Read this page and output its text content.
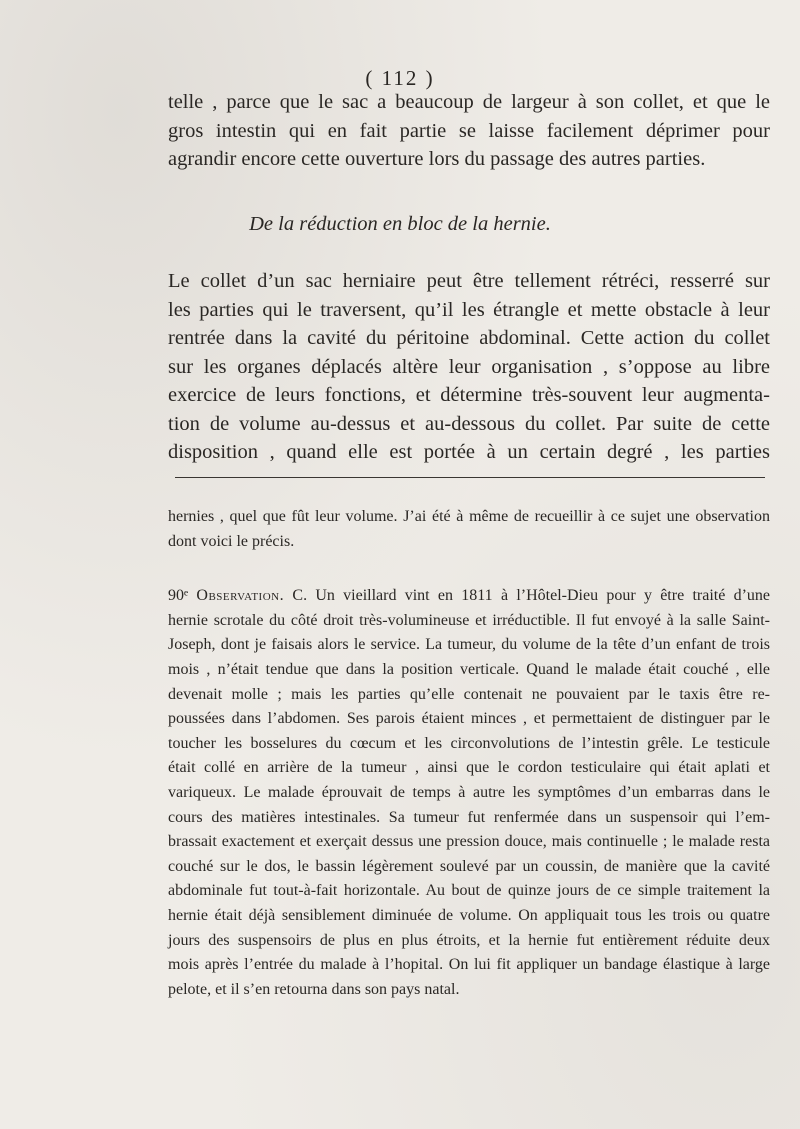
( 112 )

telle , parce que le sac a beaucoup de largeur à son collet, et que le

gros intestin qui en fait partie se laisse facilement déprimer pour

agrandir encore cette ouverture lors du passage des autres parties.

De la réduction en bloc de la hernie.

Le collet d’un sac herniaire peut être tellement rétréci, resserré sur

les parties qui le traversent, qu’il les étrangle et mette obstacle à leur

rentrée dans la cavité du péritoine abdominal. Cette action du collet

sur les organes déplacés altère leur organisation , s’oppose au libre

exercice de leurs fonctions, et détermine très-souvent leur augmenta-

tion de volume au-dessus et au-dessous du collet. Par suite de cette

disposition , quand elle est portée à un certain degré , les parties

hernies , quel que fût leur volume. J’ai été à même de recueillir à ce sujet une observation

dont voici le précis.

90ᵉ Observation. C. Un vieillard vint en 1811 à l’Hôtel-Dieu pour y être traité d’une

hernie scrotale du côté droit très-volumineuse et irréductible. Il fut envoyé à la salle Saint-

Joseph, dont je faisais alors le service. La tumeur, du volume de la tête d’un enfant de trois

mois , n’était tendue que dans la position verticale. Quand le malade était couché , elle

devenait molle ; mais les parties qu’elle contenait ne pouvaient par le taxis être re-

poussées dans l’abdomen. Ses parois étaient minces , et permettaient de distinguer par le

toucher les bosselures du cœcum et les circonvolutions de l’intestin grêle. Le testicule

était collé en arrière de la tumeur , ainsi que le cordon testiculaire qui était aplati et

variqueux. Le malade éprouvait de temps à autre les symptômes d’un embarras dans le

cours des matières intestinales. Sa tumeur fut renfermée dans un suspensoir qui l’em-

brassait exactement et exerçait dessus une pression douce, mais continuelle ; le malade resta

couché sur le dos, le bassin légèrement soulevé par un coussin, de manière que la cavité

abdominale fut tout-à-fait horizontale. Au bout de quinze jours de ce simple traitement la

hernie était déjà sensiblement diminuée de volume. On appliquait tous les trois ou quatre

jours des suspensoirs de plus en plus étroits, et la hernie fut entièrement réduite deux

mois après l’entrée du malade à l’hopital. On lui fit appliquer un bandage élastique à large

pelote, et il s’en retourna dans son pays natal.
